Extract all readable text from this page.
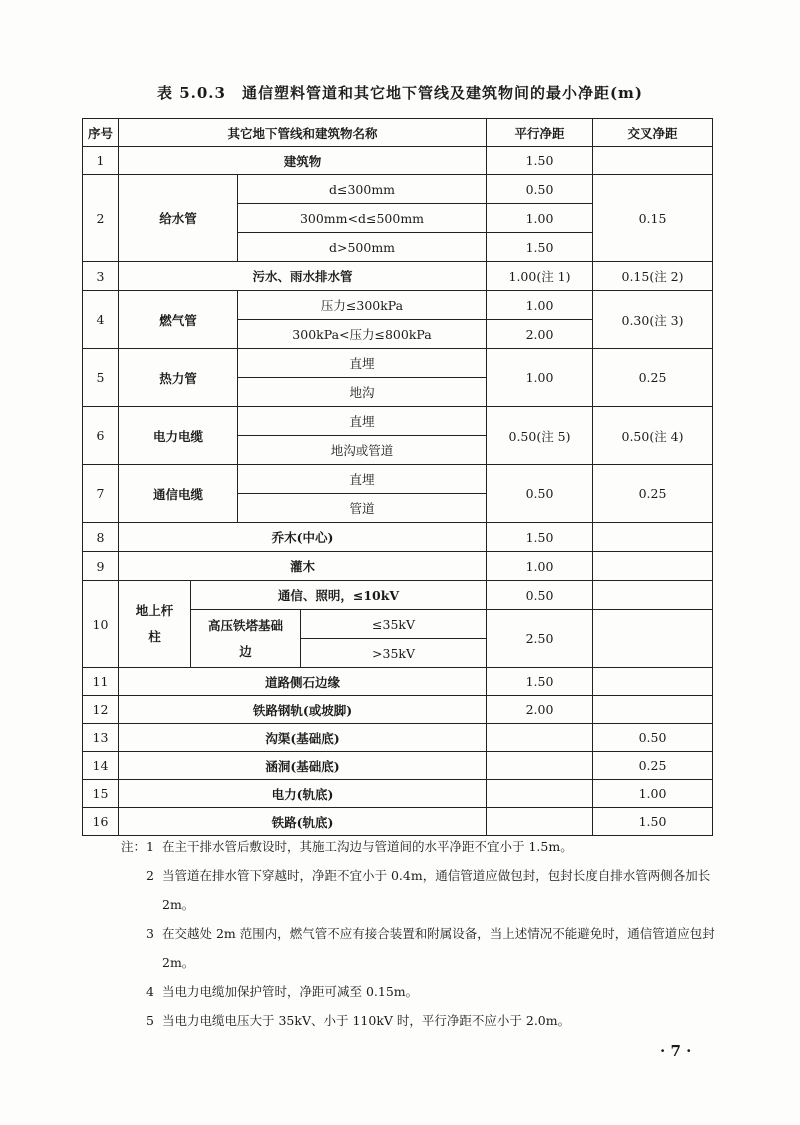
表 5.0.3　通信塑料管道和其它地下管线及建筑物间的最小净距(m)
序号	其它地下管线和建筑物名称				平行净距	交叉净距
1	建筑物				1.50	
2	给水管		d≤300mm		0.50	0.15
			300mm<d≤500mm		1.00	
			d>500mm		1.50	
3	污水、雨水排水管				1.00(注 1)	0.15(注 2)
4	燃气管		压力≤300kPa		1.00	0.30(注 3)
			300kPa<压力≤800kPa		2.00	
5	热力管		直埋		1.00	0.25
			地沟			
6	电力电缆		直埋		0.50(注 5)	0.50(注 4)
			地沟或管道			
7	通信电缆		直埋		0.50	0.25
			管道			
8	乔木(中心)				1.50	
9	灌木				1.00	
10	地上杆柱	通信、照明，≤10kV			0.50	
		高压铁塔基础边		≤35kV	2.50	
				>35kV		
11	道路侧石边缘				1.50	
12	铁路钢轨(或坡脚)				2.00	
13	沟渠(基础底)					0.50
14	涵洞(基础底)					0.25
15	电力(轨底)					1.00
16	铁路(轨底)					1.50
注：1 在主干排水管后敷设时，其施工沟边与管道间的水平净距不宜小于 1.5m。
2 当管道在排水管下穿越时，净距不宜小于 0.4m，通信管道应做包封，包封长度自排水管两侧各加长 2m。
3 在交越处 2m 范围内，燃气管不应有接合装置和附属设备，当上述情况不能避免时，通信管道应包封 2m。
4 当电力电缆加保护管时，净距可减至 0.15m。
5 当电力电缆电压大于 35kV、小于 110kV 时，平行净距不应小于 2.0m。
· 7 ·
